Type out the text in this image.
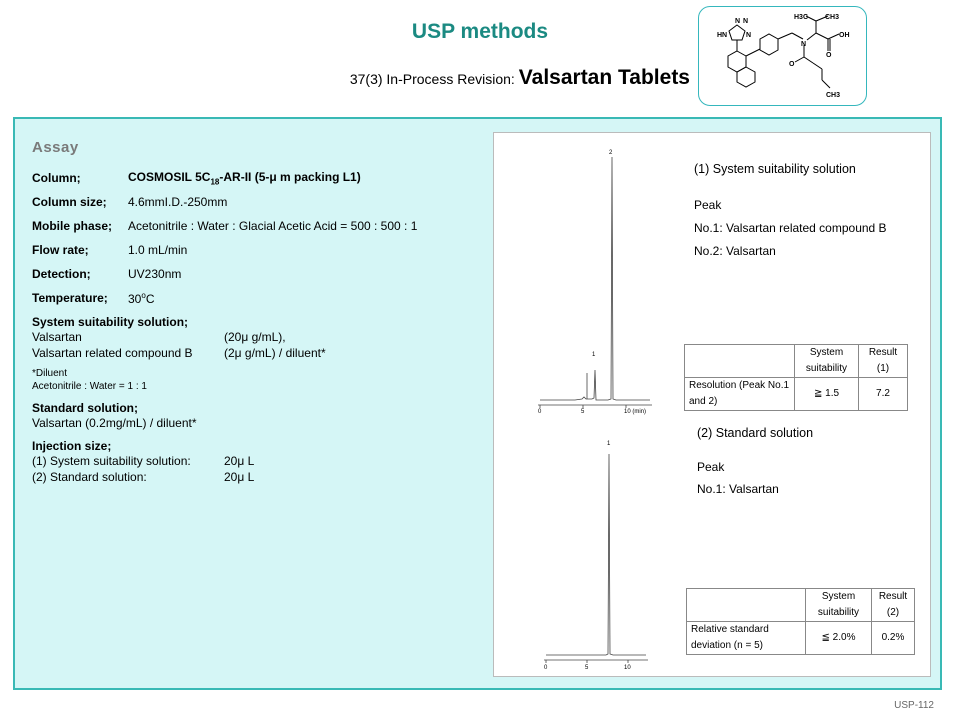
USP methods
37(3) In-Process Revision: Valsartan Tablets
N N
HN	N
H3C CH3
N
OH
O
O
CH3
Assay
Column;	COSMOSIL $5C_{18}-AR-II$ (5-μ m packing L1)
Column size;	4.6mmI.D.-250mm
Mobile phase;	Acetonitrile : Water : Glacial Acetic Acid = 500 : 500 : 1
Flow rate;	1.0 mL/min
Detection;	UV230nm
Temperature;	30$^o$C
System suitability solution;
Valsartan	(20μ g/mL),
Valsartan related compound B	(2μ g/mL) / diluent*
*Diluent
Acetonitrile : Water = 1 : 1
Standard solution;
Valsartan (0.2mg/mL) / diluent*
Injection size;
(1) System suitability solution:	20μ L
(2) Standard solution:	20μ L
1
2
0	5	10 (min)
(1) System suitability solution
Peak
No.1: Valsartan related compound B
No.2: Valsartan
	System suitability	Result (1)
Resolution (Peak No.1 and 2)	≧ 1.5	7.2
1
0	5	10
(2) Standard solution
Peak
No.1: Valsartan
	System suitability	Result (2)
Relative standard deviation (n = 5)	≦ 2.0%	0.2%
USP-112
